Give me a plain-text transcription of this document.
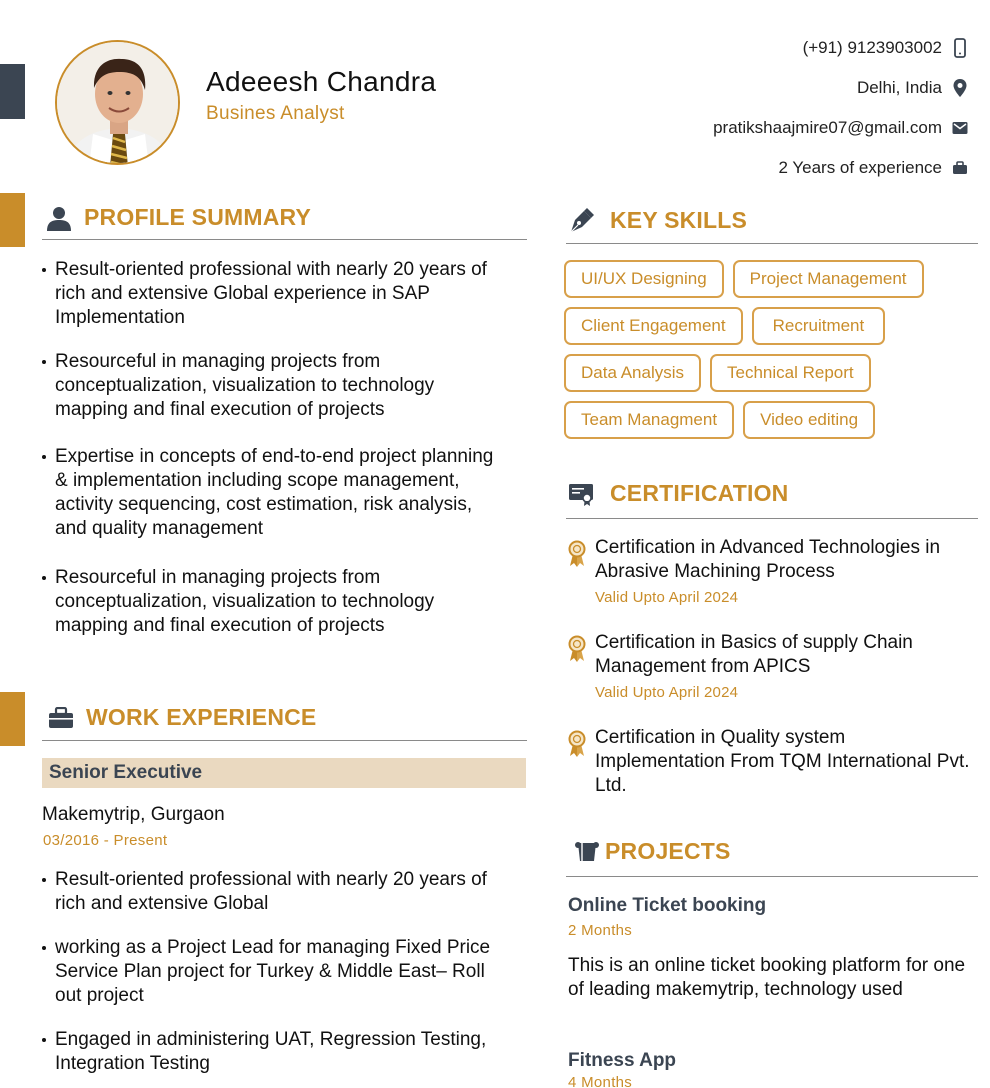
Adeeesh Chandra
Busines Analyst
(+91) 9123903002
Delhi, India
pratikshaajmire07@gmail.com
2 Years of experience
PROFILE SUMMARY
Result-oriented professional with nearly 20 years of rich and extensive Global experience in SAP Implementation
Resourceful in managing projects from conceptualization, visualization to technology mapping and final execution of projects
Expertise in concepts of end-to-end project planning & implementation including scope management, activity sequencing, cost estimation, risk analysis, and quality management
Resourceful in managing projects from conceptualization, visualization to technology mapping and final execution of projects
WORK EXPERIENCE
Senior Executive
Makemytrip, Gurgaon
03/2016 - Present
Result-oriented professional with nearly 20 years of rich and extensive Global
working as a Project Lead for managing Fixed Price Service Plan project for Turkey & Middle East– Roll out project
Engaged in administering UAT, Regression Testing, Integration Testing
KEY SKILLS
UI/UX Designing	Project Management
Client Engagement	Recruitment
Data Analysis	Technical Report
Team Managment	Video editing
CERTIFICATION
Certification in Advanced Technologies in Abrasive Machining Process
Valid Upto April 2024
Certification in Basics of supply Chain Management from APICS
Valid Upto April 2024
Certification in Quality system Implementation From TQM International Pvt. Ltd.
PROJECTS
Online Ticket booking
2 Months
This is an online ticket booking platform for one of leading makemytrip, technology used
Fitness App
4 Months
